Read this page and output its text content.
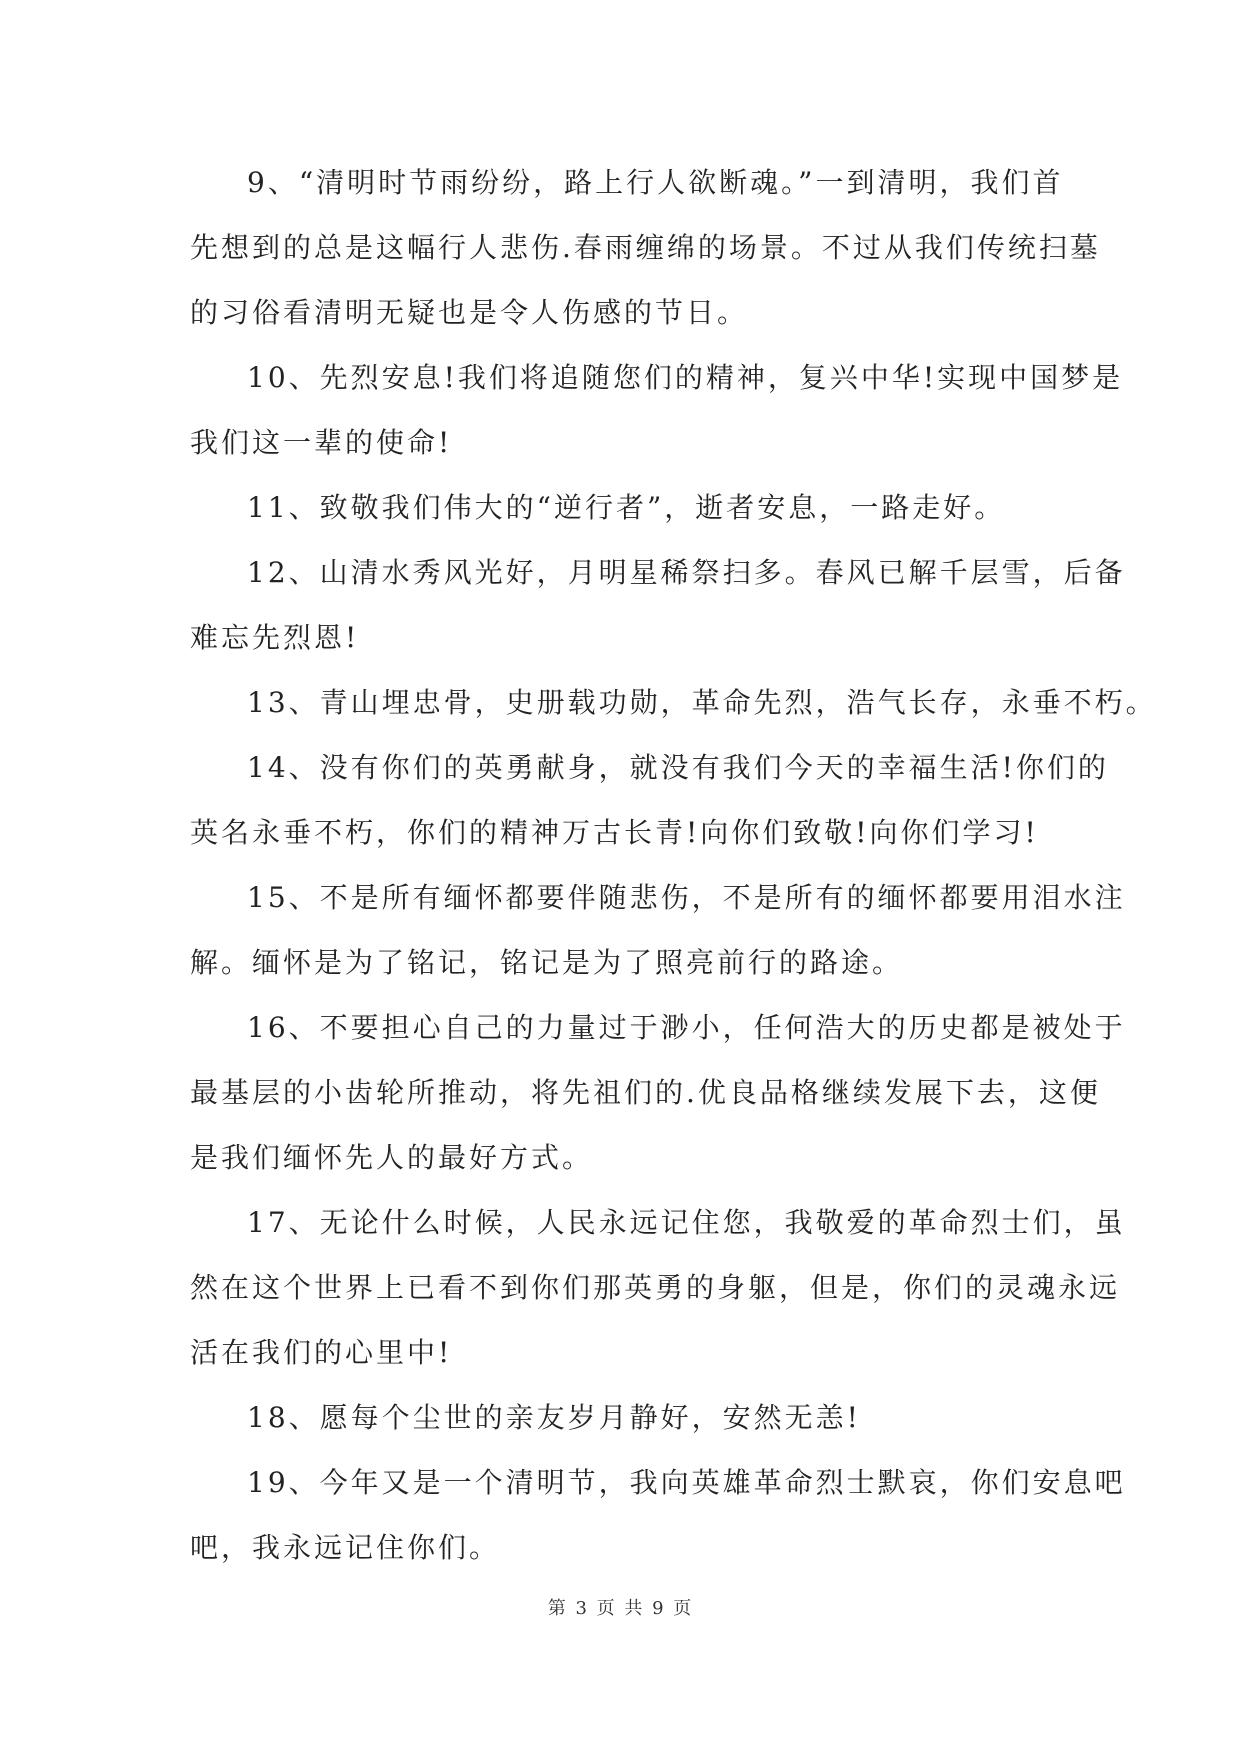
9、“清明时节雨纷纷，路上行人欲断魂。”一到清明，我们首
先想到的总是这幅行人悲伤.春雨缠绵的场景。不过从我们传统扫墓
的习俗看清明无疑也是令人伤感的节日。
10、先烈安息!我们将追随您们的精神，复兴中华!实现中国梦是
我们这一辈的使命!
11、致敬我们伟大的“逆行者”，逝者安息，一路走好。
12、山清水秀风光好，月明星稀祭扫多。春风已解千层雪，后备
难忘先烈恩!
13、青山埋忠骨，史册载功勋，革命先烈，浩气长存，永垂不朽。
14、没有你们的英勇献身，就没有我们今天的幸福生活!你们的
英名永垂不朽，你们的精神万古长青!向你们致敬!向你们学习!
15、不是所有缅怀都要伴随悲伤，不是所有的缅怀都要用泪水注
解。缅怀是为了铭记，铭记是为了照亮前行的路途。
16、不要担心自己的力量过于渺小，任何浩大的历史都是被处于
最基层的小齿轮所推动，将先祖们的.优良品格继续发展下去，这便
是我们缅怀先人的最好方式。
17、无论什么时候，人民永远记住您，我敬爱的革命烈士们，虽
然在这个世界上已看不到你们那英勇的身躯，但是，你们的灵魂永远
活在我们的心里中!
18、愿每个尘世的亲友岁月静好，安然无恙!
19、今年又是一个清明节，我向英雄革命烈士默哀，你们安息吧
吧，我永远记住你们。
第 3 页 共 9 页
